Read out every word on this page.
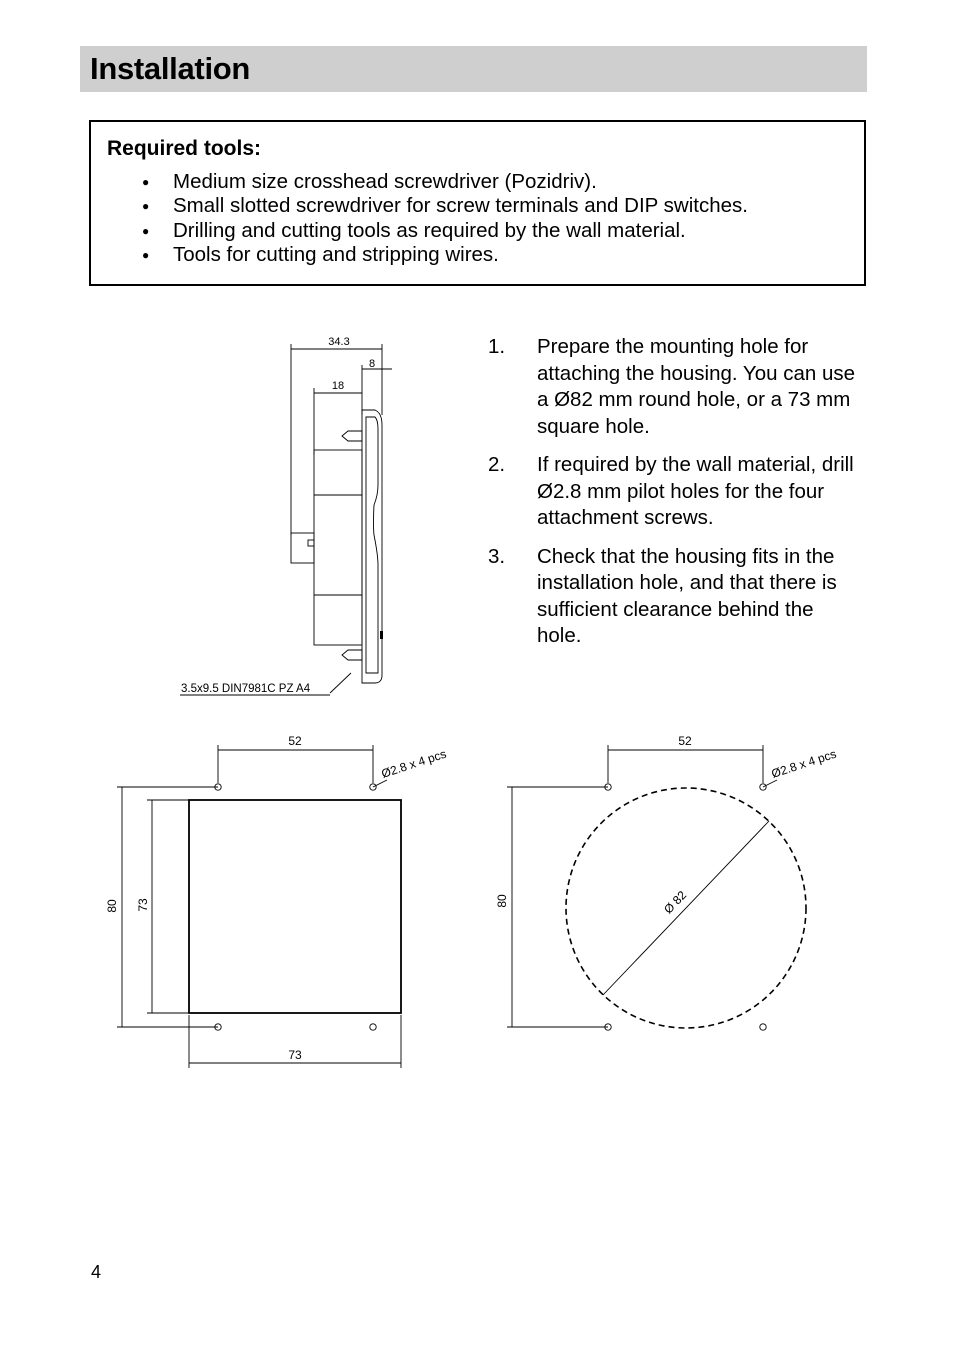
Installation
Required tools:
● Medium size crosshead screwdriver (Pozidriv).
● Small slotted screwdriver for screw terminals and DIP switches.
● Drilling and cutting tools as required by the wall material.
● Tools for cutting and stripping wires.
34.3
8
18
3.5x9.5 DIN7981C PZ A4
1. Prepare the mounting hole for attaching the housing. You can use a Ø82 mm round hole, or a 73 mm square hole.
2. If required by the wall material, drill Ø2.8 mm pilot holes for the four attachment screws.
3. Check that the housing fits in the installation hole, and that there is sufficient clearance behind the hole.
52
Ø2.8 x 4 pcs
80 73
73
52
Ø2.8 x 4 pcs
80	Ø 82
4
